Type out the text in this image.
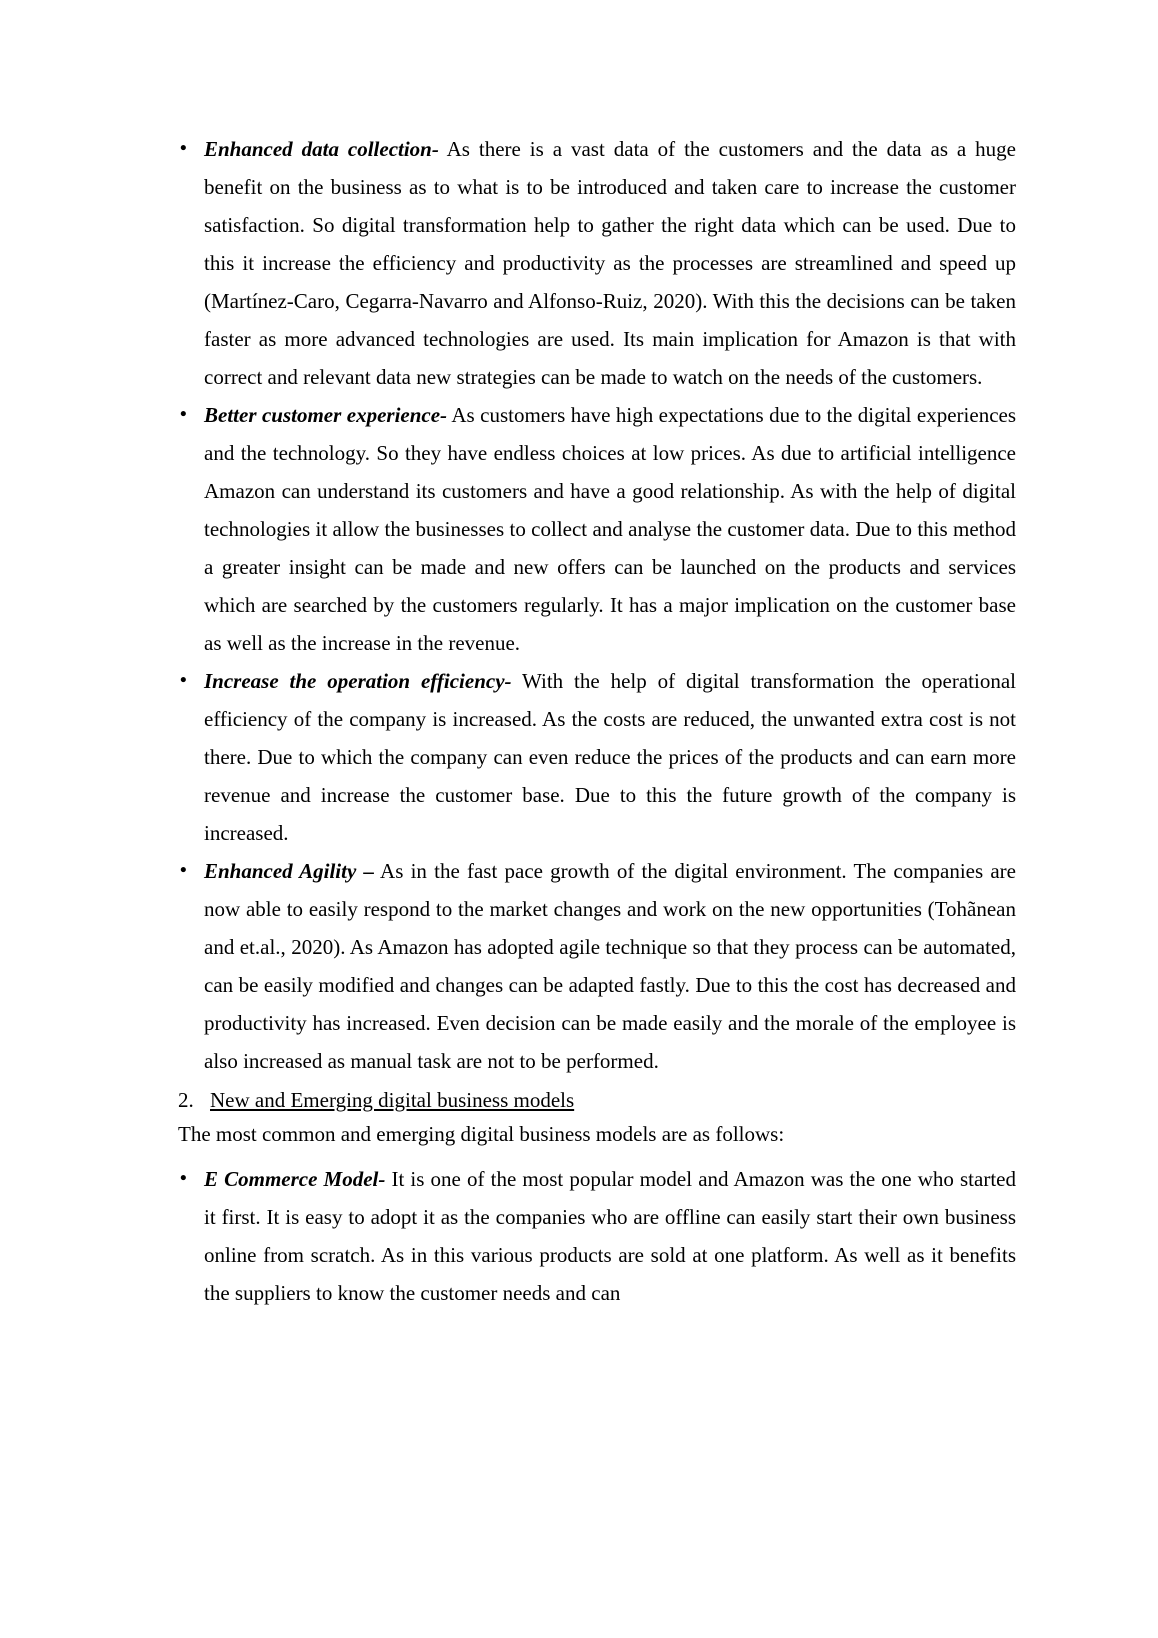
• Enhanced data collection- As there is a vast data of the customers and the data as a huge benefit on the business as to what is to be introduced and taken care to increase the customer satisfaction. So digital transformation help to gather the right data which can be used. Due to this it increase the efficiency and productivity as the processes are streamlined and speed up (Martínez-Caro, Cegarra-Navarro and Alfonso-Ruiz, 2020). With this the decisions can be taken faster as more advanced technologies are used. Its main implication for Amazon is that with correct and relevant data new strategies can be made to watch on the needs of the customers.
• Better customer experience- As customers have high expectations due to the digital experiences and the technology. So they have endless choices at low prices. As due to artificial intelligence Amazon can understand its customers and have a good relationship. As with the help of digital technologies it allow the businesses to collect and analyse the customer data. Due to this method a greater insight can be made and new offers can be launched on the products and services which are searched by the customers regularly. It has a major implication on the customer base as well as the increase in the revenue.
• Increase the operation efficiency- With the help of digital transformation the operational efficiency of the company is increased. As the costs are reduced, the unwanted extra cost is not there. Due to which the company can even reduce the prices of the products and can earn more revenue and increase the customer base. Due to this the future growth of the company is increased.
• Enhanced Agility – As in the fast pace growth of the digital environment. The companies are now able to easily respond to the market changes and work on the new opportunities (Tohãnean and et.al., 2020). As Amazon has adopted agile technique so that they process can be automated, can be easily modified and changes can be adapted fastly. Due to this the cost has decreased and productivity has increased. Even decision can be made easily and the morale of the employee is also increased as manual task are not to be performed.
2. New and Emerging digital business models
The most common and emerging digital business models are as follows:
• E Commerce Model- It is one of the most popular model and Amazon was the one who started it first. It is easy to adopt it as the companies who are offline can easily start their own business online from scratch. As in this various products are sold at one platform. As well as it benefits the suppliers to know the customer needs and can
